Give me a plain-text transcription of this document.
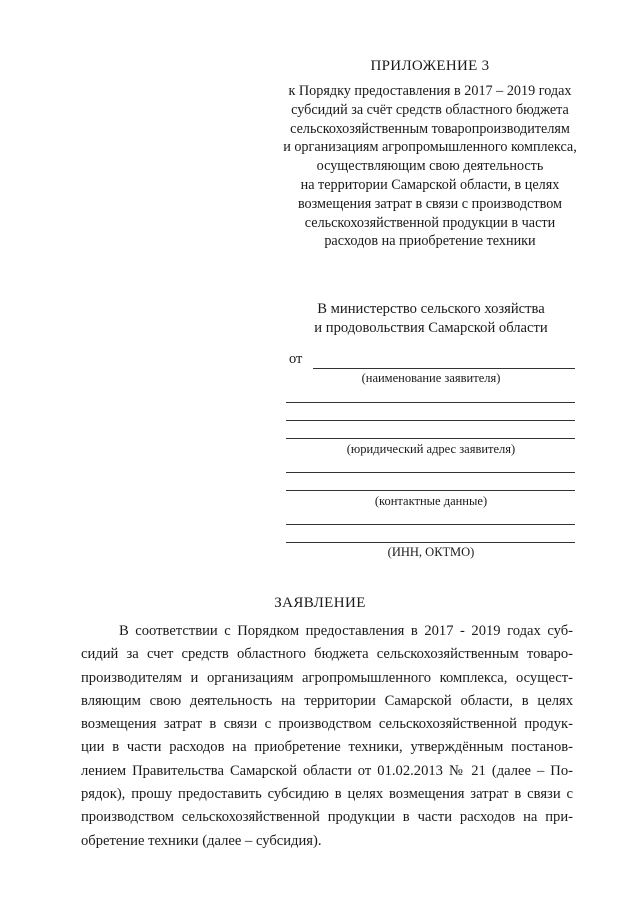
ПРИЛОЖЕНИЕ 3
к Порядку предоставления в 2017 – 2019 годах
субсидий за счёт средств областного бюджета
сельскохозяйственным товаропроизводителям
и организациям агропромышленного комплекса,
осуществляющим свою деятельность
на территории Самарской области, в целях
возмещения затрат в связи с производством
сельскохозяйственной продукции в части
расходов на приобретение техники
В министерство сельского хозяйства
и продовольствия Самарской области
от
(наименование заявителя)
(юридический адрес заявителя)
(контактные данные)
(ИНН, ОКТМО)
ЗАЯВЛЕНИЕ
В соответствии с Порядком предоставления в 2017 - 2019 годах суб-
сидий за счет средств областного бюджета сельскохозяйственным товаро-
производителям и организациям агропромышленного комплекса, осущест-
вляющим свою деятельность на территории Самарской области, в целях
возмещения затрат в связи с производством сельскохозяйственной продук-
ции в части расходов на приобретение техники, утверждённым постанов-
лением Правительства Самарской области от 01.02.2013 № 21 (далее – По-
рядок), прошу предоставить субсидию в целях возмещения затрат в связи с
производством сельскохозяйственной продукции в части расходов на при-
обретение техники (далее – субсидия).
